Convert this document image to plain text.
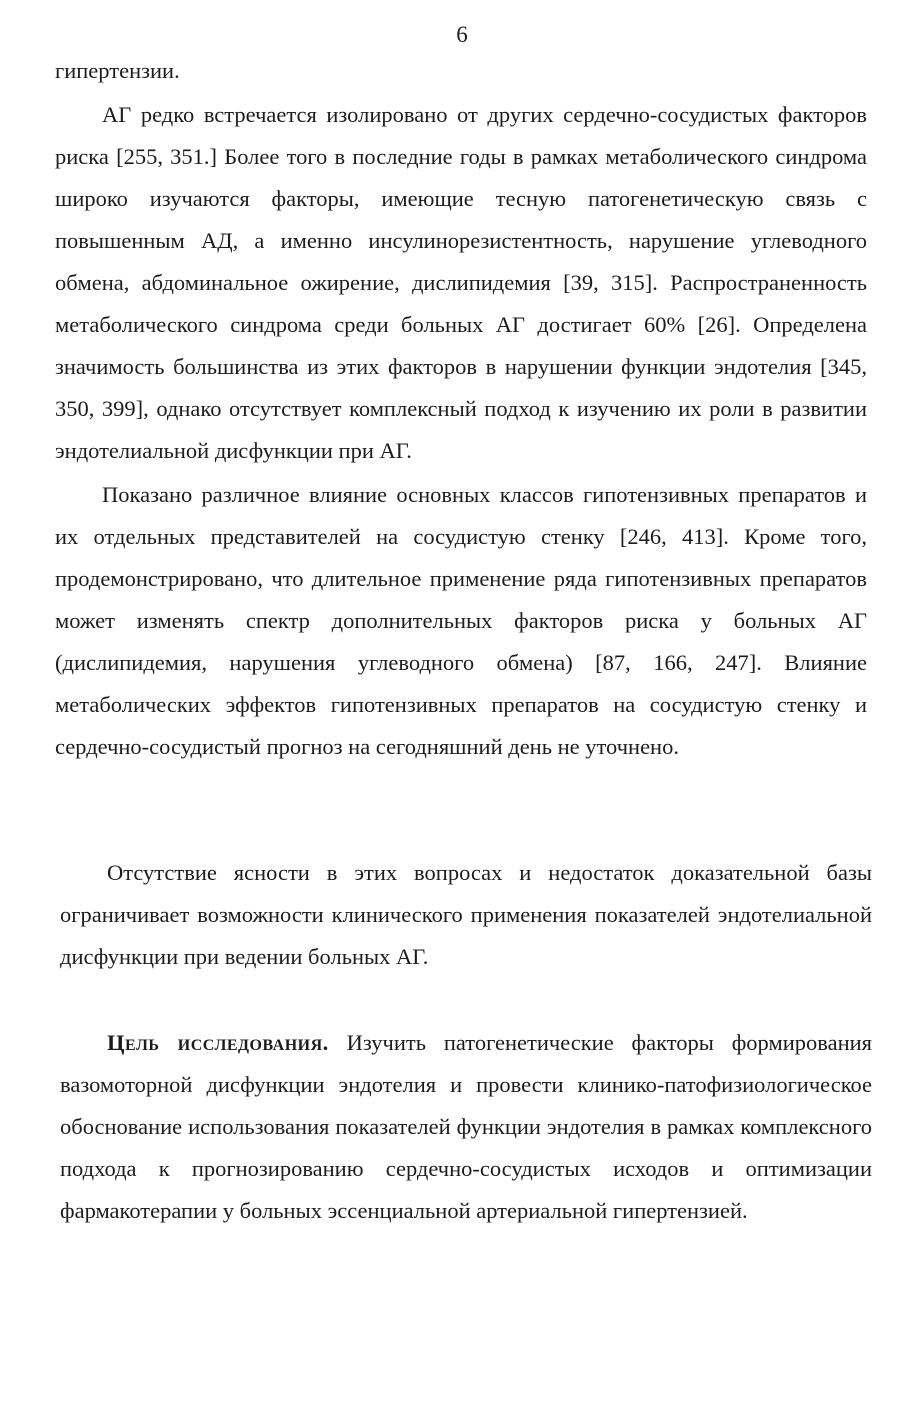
6

гипертензии.

АГ редко встречается изолировано от других сердечно-сосудистых факторов риска [255, 351.] Более того в последние годы в рамках метаболического синдрома широко изучаются факторы, имеющие тесную патогенетическую связь с повышенным АД, а именно инсулинорезистентность, нарушение углеводного обмена, абдоминальное ожирение, дислипидемия [39, 315]. Распространенность метаболического синдрома среди больных АГ достигает 60% [26]. Определена значимость большинства из этих факторов в нарушении функции эндотелия [345, 350, 399], однако отсутствует комплексный подход к изучению их роли в развитии эндотелиальной дисфункции при АГ.

Показано различное влияние основных классов гипотензивных препаратов и их отдельных представителей на сосудистую стенку [246, 413]. Кроме того, продемонстрировано, что длительное применение ряда гипотензивных препаратов может изменять спектр дополнительных факторов риска у больных АГ (дислипидемия, нарушения углеводного обмена) [87, 166, 247]. Влияние метаболических эффектов гипотензивных препаратов на сосудистую стенку и сердечно-сосудистый прогноз на сегодняшний день не уточнено.

Отсутствие ясности в этих вопросах и недостаток доказательной базы ограничивает возможности клинического применения показателей эндотелиальной дисфункции при ведении больных АГ.

Цель исследования. Изучить патогенетические факторы формирования вазомоторной дисфункции эндотелия и провести клинико-патофизиологическое обоснование использования показателей функции эндотелия в рамках комплексного подхода к прогнозированию сердечно-сосудистых исходов и оптимизации фармакотерапии у больных эссенциальной артериальной гипертензией.
